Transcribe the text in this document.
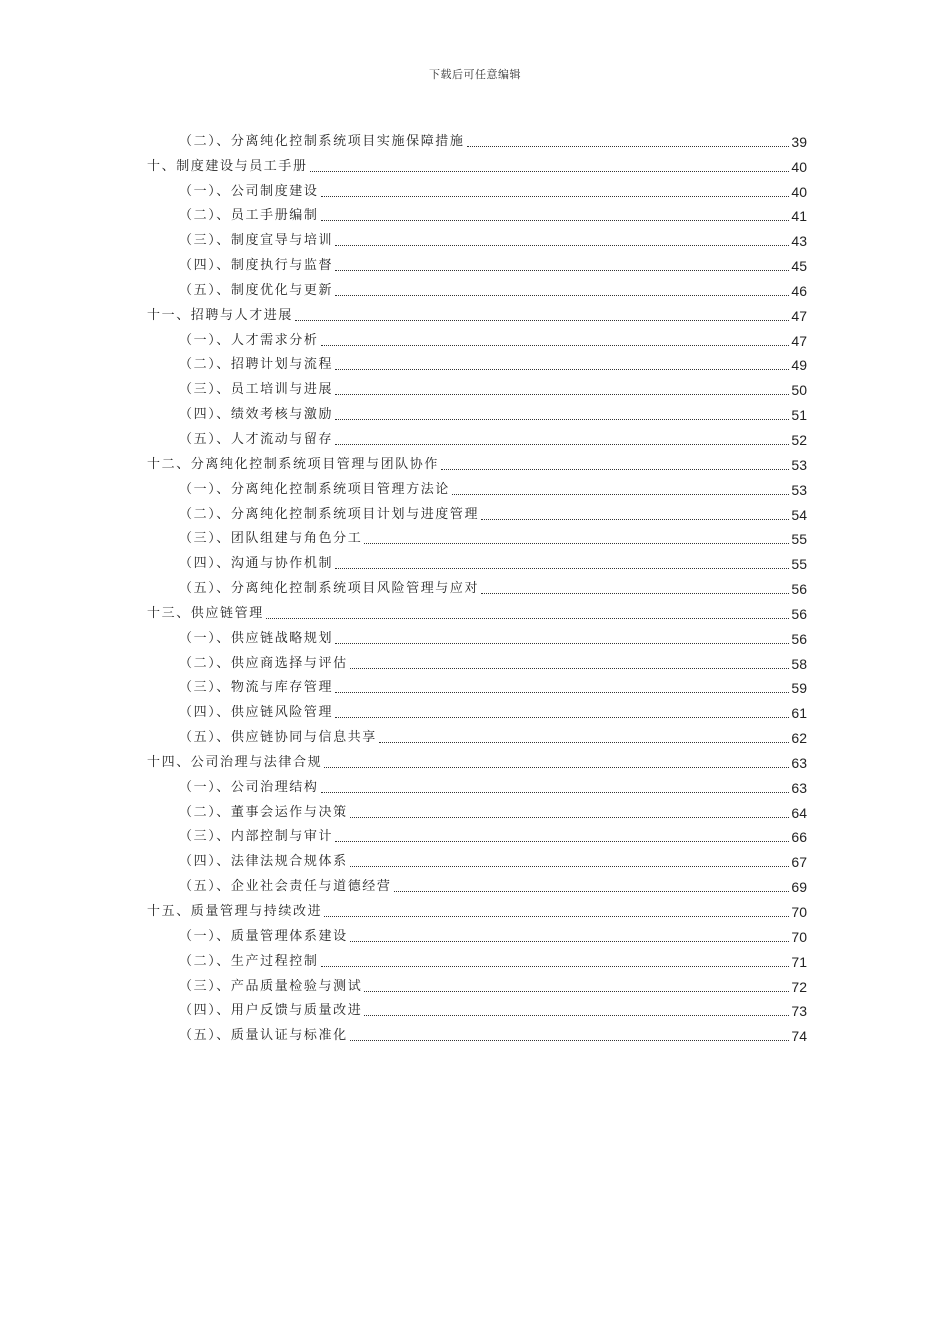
下载后可任意编辑
（二）、分离纯化控制系统项目实施保障措施	39
十、制度建设与员工手册	40
（一）、公司制度建设	40
（二）、员工手册编制	41
（三）、制度宣导与培训	43
（四）、制度执行与监督	45
（五）、制度优化与更新	46
十一、招聘与人才进展	47
（一）、人才需求分析	47
（二）、招聘计划与流程	49
（三）、员工培训与进展	50
（四）、绩效考核与激励	51
（五）、人才流动与留存	52
十二、分离纯化控制系统项目管理与团队协作	53
（一）、分离纯化控制系统项目管理方法论	53
（二）、分离纯化控制系统项目计划与进度管理	54
（三）、团队组建与角色分工	55
（四）、沟通与协作机制	55
（五）、分离纯化控制系统项目风险管理与应对	56
十三、供应链管理	56
（一）、供应链战略规划	56
（二）、供应商选择与评估	58
（三）、物流与库存管理	59
（四）、供应链风险管理	61
（五）、供应链协同与信息共享	62
十四、公司治理与法律合规	63
（一）、公司治理结构	63
（二）、董事会运作与决策	64
（三）、内部控制与审计	66
（四）、法律法规合规体系	67
（五）、企业社会责任与道德经营	69
十五、质量管理与持续改进	70
（一）、质量管理体系建设	70
（二）、生产过程控制	71
（三）、产品质量检验与测试	72
（四）、用户反馈与质量改进	73
（五）、质量认证与标准化	74
